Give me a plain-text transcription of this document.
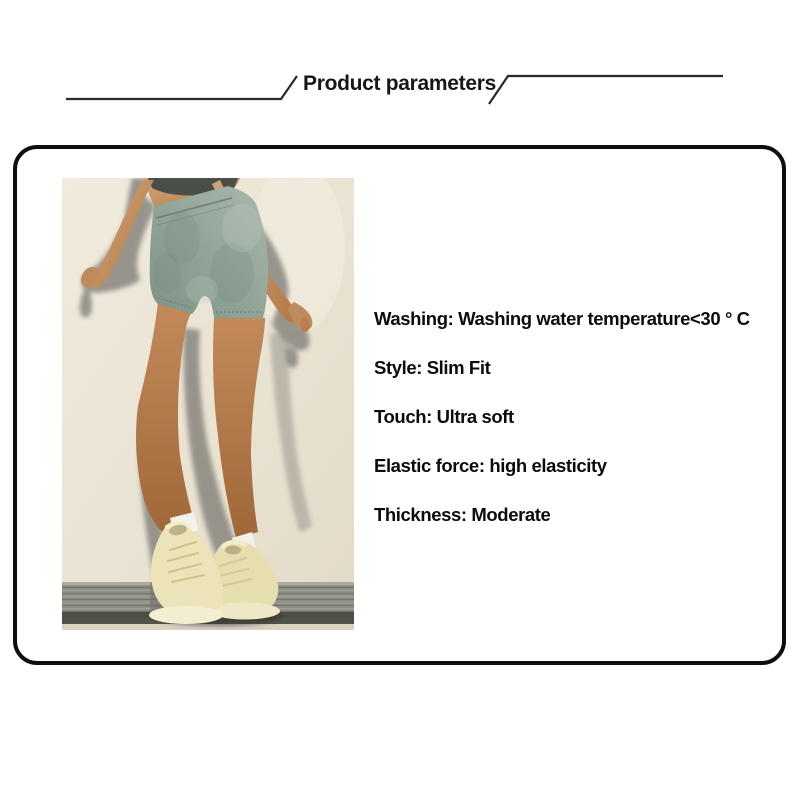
Product parameters
Washing: Washing water temperature<30 ° C
Style: Slim Fit
Touch: Ultra soft
Elastic force: high elasticity
Thickness: Moderate
